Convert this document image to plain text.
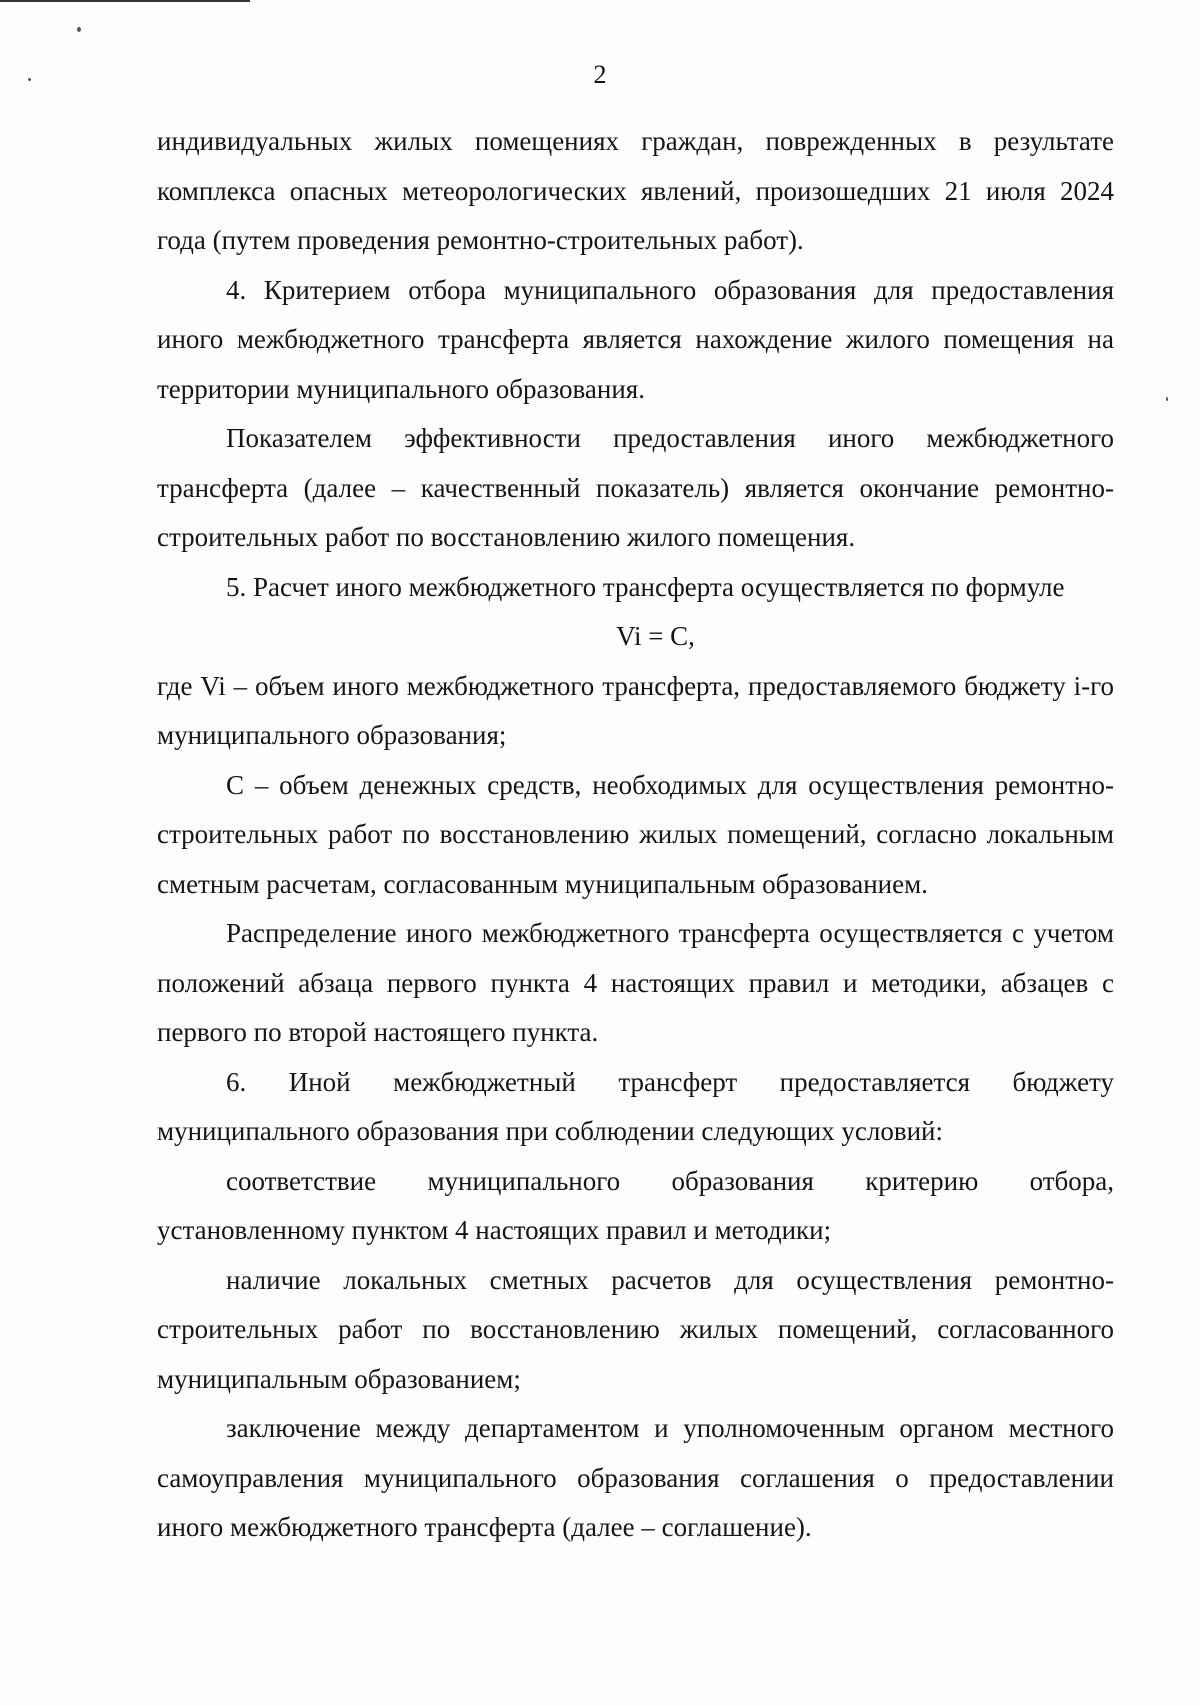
2

индивидуальных жилых помещениях граждан, поврежденных в результате комплекса опасных метеорологических явлений, произошедших 21 июля 2024 года (путем проведения ремонтно-строительных работ).

4. Критерием отбора муниципального образования для предоставления иного межбюджетного трансферта является нахождение жилого помещения на территории муниципального образования.

Показателем эффективности предоставления иного межбюджетного трансферта (далее – качественный показатель) является окончание ремонтно-строительных работ по восстановлению жилого помещения.

5. Расчет иного межбюджетного трансферта осуществляется по формуле

Vi = C,

где Vi – объем иного межбюджетного трансферта, предоставляемого бюджету i-го муниципального образования;

C – объем денежных средств, необходимых для осуществления ремонтно-строительных работ по восстановлению жилых помещений, согласно локальным сметным расчетам, согласованным муниципальным образованием.

Распределение иного межбюджетного трансферта осуществляется с учетом положений абзаца первого пункта 4 настоящих правил и методики, абзацев с первого по второй настоящего пункта.

6. Иной межбюджетный трансферт предоставляется бюджету муниципального образования при соблюдении следующих условий:

соответствие муниципального образования критерию отбора, установленному пунктом 4 настоящих правил и методики;

наличие локальных сметных расчетов для осуществления ремонтно-строительных работ по восстановлению жилых помещений, согласованного муниципальным образованием;

заключение между департаментом и уполномоченным органом местного самоуправления муниципального образования соглашения о предоставлении иного межбюджетного трансферта (далее – соглашение).
